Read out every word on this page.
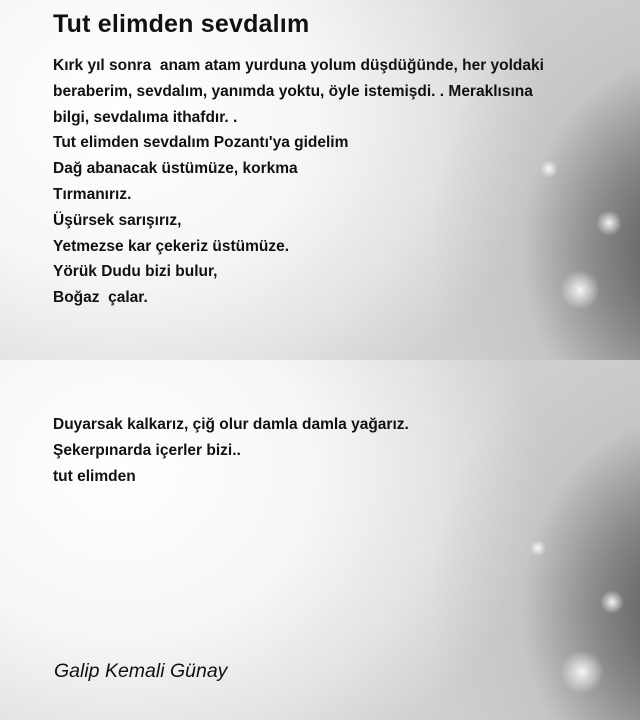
Tut elimden sevdalım
Kırk yıl sonra  anam atam yurduna yolum düşdüğünde, her yoldaki
beraberim, sevdalım, yanımda yoktu, öyle istemişdi. . Meraklısına
bilgi, sevdalıma ithafdır. .
Tut elimden sevdalım Pozantı'ya gidelim
Dağ abanacak üstümüze, korkma
Tırmanırız.
Üşürsek sarışırız,
Yetmezse kar çekeriz üstümüze.
Yörük Dudu bizi bulur,
Boğaz  çalar.
Duyarsak kalkarız, çiğ olur damla damla yağarız.
Şekerpınarda içerler bizi..
tut elimden
Galip Kemali Günay
